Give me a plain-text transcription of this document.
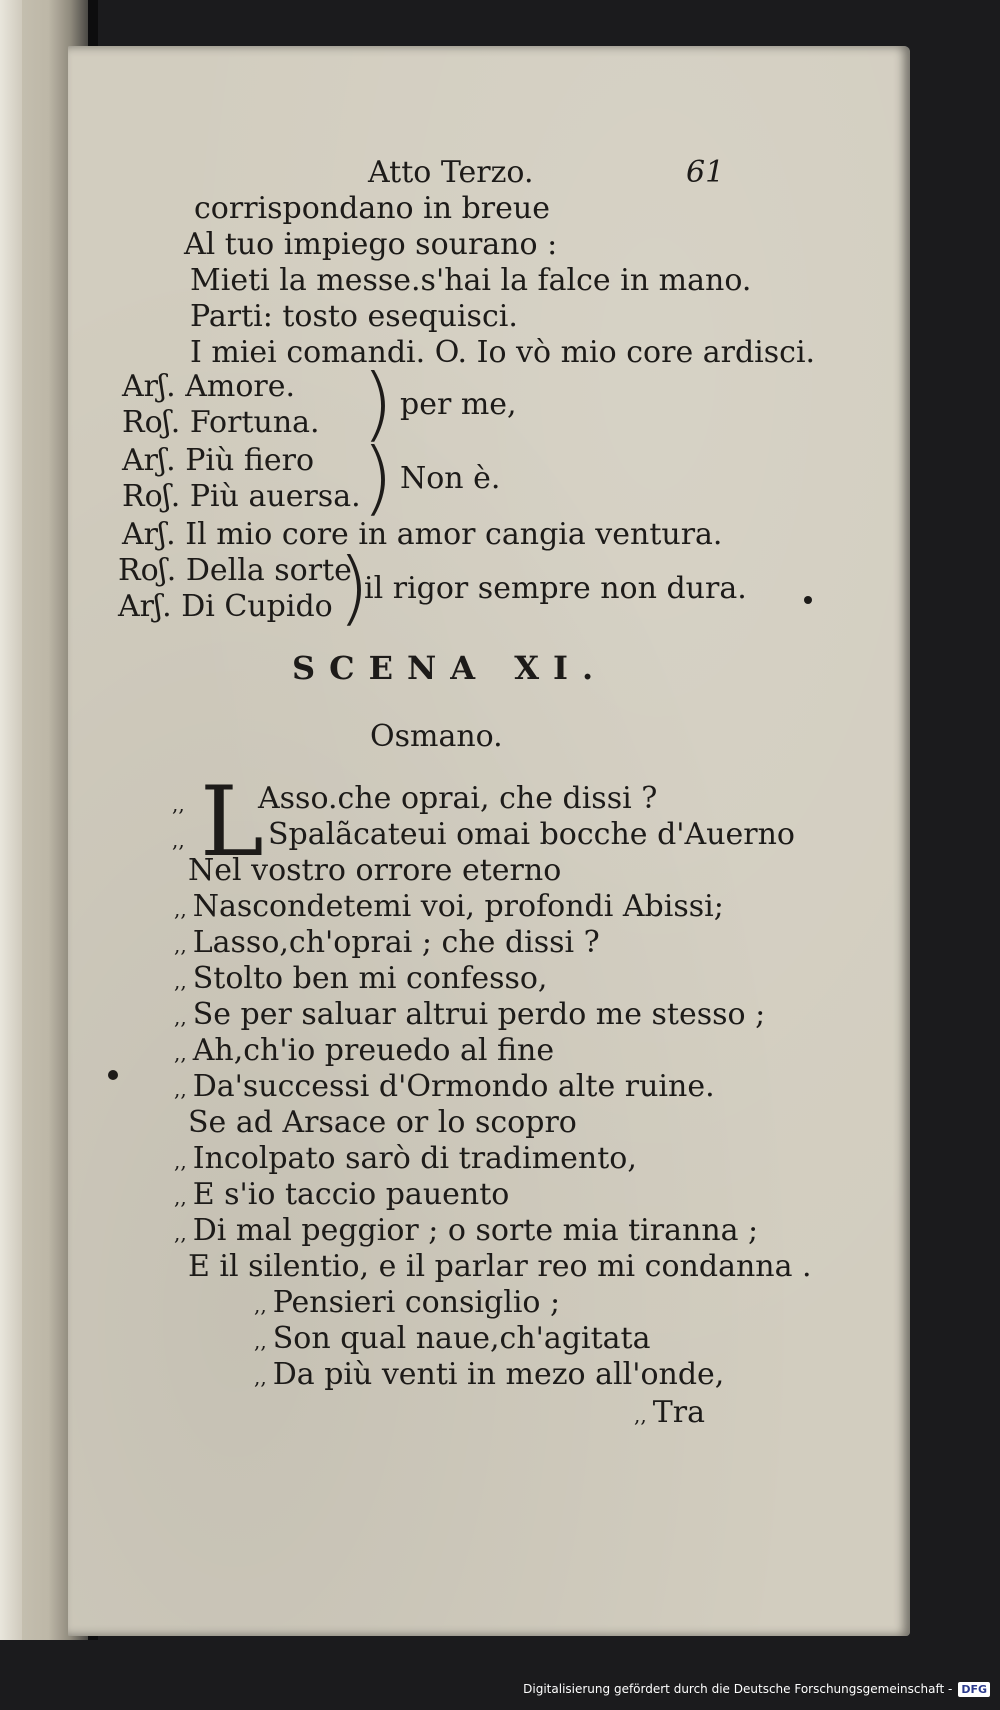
Atto Terzo.	61
corrispondano in breue
Al tuo impiego sourano :
Mieti la messe.s'hai la falce in mano.
Parti: tosto esequisci.
I miei comandi. O. Io vò mio core ardisci.
Arʃ. Amore.
Roʃ. Fortuna. ) per me,
Arʃ. Più fiero
Roʃ. Più auersa. ) Non è.
Arʃ. Il mio core in amor cangia ventura.
Roʃ. Della sorte
Arʃ. Di Cupido )
il rigor sempre non dura.
SCENA XI.
Osmano.
,,
,, L
Asso.che oprai, che dissi ?
Spalãcateui omai bocche d'Auerno
Nel vostro orrore eterno
,, Nascondetemi voi, profondi Abissi;
,, Lasso,ch'oprai ; che dissi ?
,, Stolto ben mi confesso,
,, Se per saluar altrui perdo me stesso ;
,, Ah,ch'io preuedo al fine
,, Da'successi d'Ormondo alte ruine.
Se ad Arsace or lo scopro
,, Incolpato sarò di tradimento,
,, E s'io taccio pauento
,, Di mal peggior ; o sorte mia tiranna ;
E il silentio, e il parlar reo mi condanna .
,, Pensieri consiglio ;
,, Son qual naue,ch'agitata
,, Da più venti in mezo all'onde,
,, Tra
Digitalisierung gefördert durch die Deutsche Forschungsgemeinschaft - DFG
